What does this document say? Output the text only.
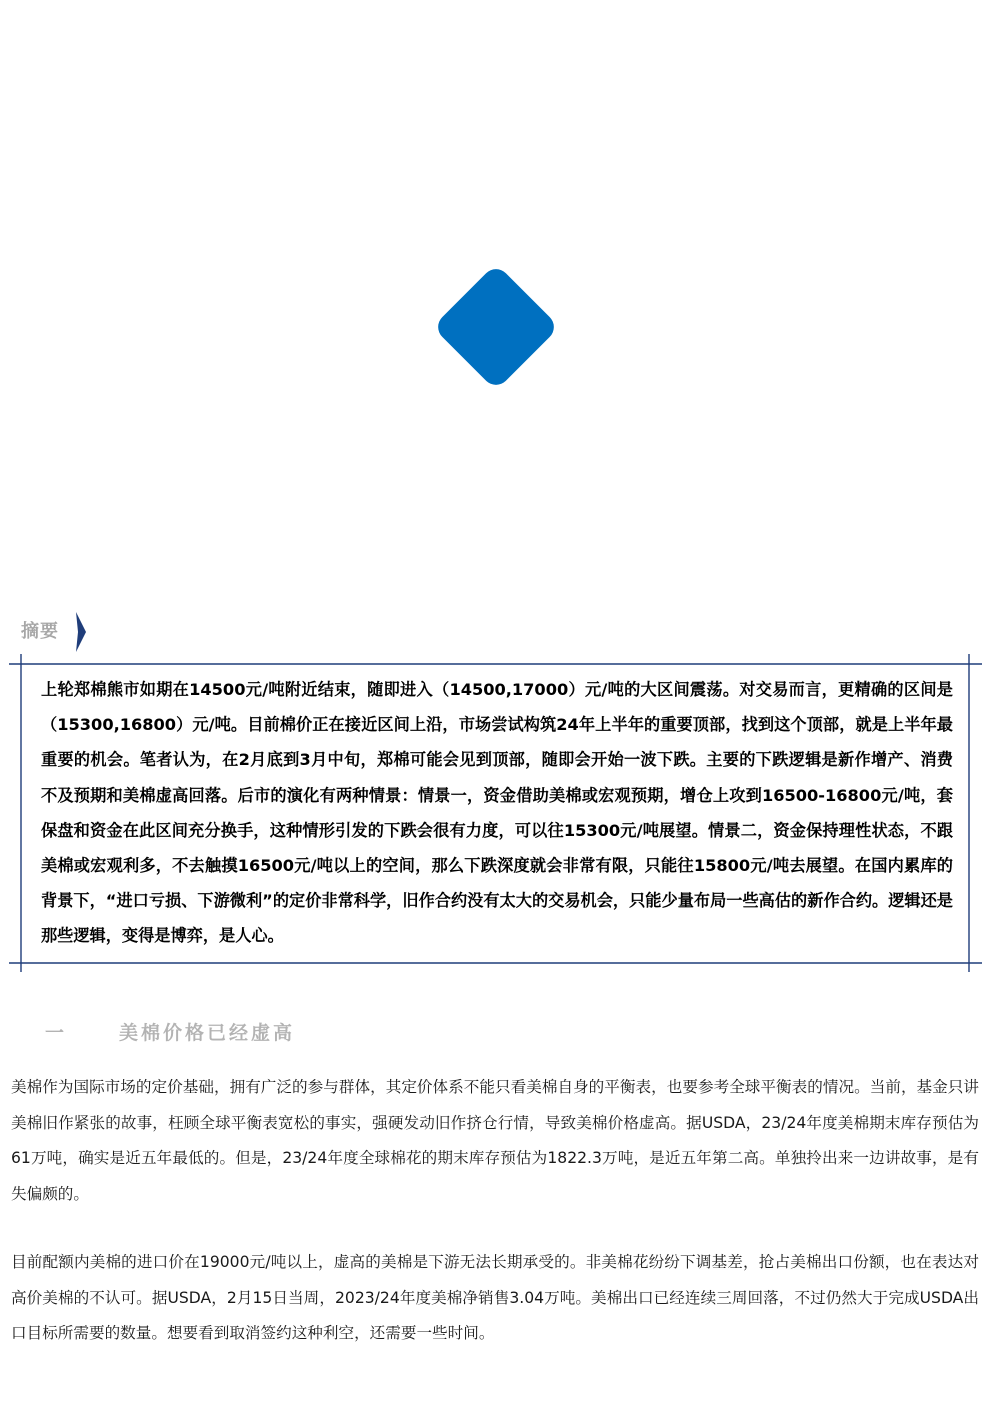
摘要

上轮郑棉熊市如期在14500元/吨附近结束，随即进入（14500,17000）元/吨的大区间震荡。对交易而言，更精确的区间是（15300,16800）元/吨。目前棉价正在接近区间上沿，市场尝试构筑24年上半年的重要顶部，找到这个顶部，就是上半年最重要的机会。笔者认为，在2月底到3月中旬，郑棉可能会见到顶部，随即会开始一波下跌。主要的下跌逻辑是新作增产、消费不及预期和美棉虚高回落。后市的演化有两种情景：情景一，资金借助美棉或宏观预期，增仓上攻到16500-16800元/吨，套保盘和资金在此区间充分换手，这种情形引发的下跌会很有力度，可以往15300元/吨展望。情景二，资金保持理性状态，不跟美棉或宏观利多，不去触摸16500元/吨以上的空间，那么下跌深度就会非常有限，只能往15800元/吨去展望。在国内累库的背景下，“进口亏损、下游微利”的定价非常科学，旧作合约没有太大的交易机会，只能少量布局一些高估的新作合约。逻辑还是那些逻辑，变得是博弈，是人心。

一	美棉价格已经虚高

美棉作为国际市场的定价基础，拥有广泛的参与群体，其定价体系不能只看美棉自身的平衡表，也要参考全球平衡表的情况。当前，基金只讲美棉旧作紧张的故事，枉顾全球平衡表宽松的事实，强硬发动旧作挤仓行情，导致美棉价格虚高。据USDA，23/24年度美棉期末库存预估为61万吨，确实是近五年最低的。但是，23/24年度全球棉花的期末库存预估为1822.3万吨，是近五年第二高。单独拎出来一边讲故事，是有失偏颇的。

目前配额内美棉的进口价在19000元/吨以上，虚高的美棉是下游无法长期承受的。非美棉花纷纷下调基差，抢占美棉出口份额，也在表达对高价美棉的不认可。据USDA，2月15日当周，2023/24年度美棉净销售3.04万吨。美棉出口已经连续三周回落，不过仍然大于完成USDA出口目标所需要的数量。想要看到取消签约这种利空，还需要一些时间。
